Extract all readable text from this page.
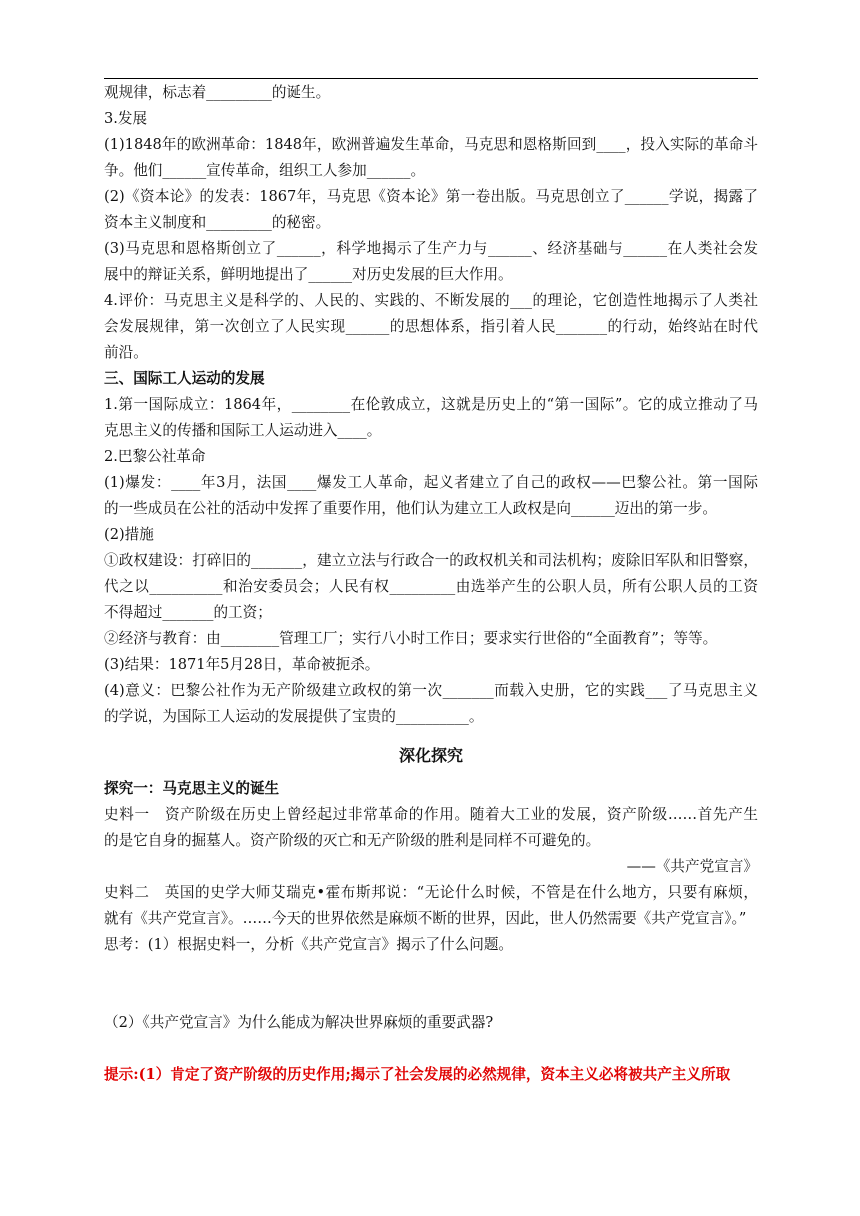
观规律，标志着_________的诞生。
3.发展
(1)1848年的欧洲革命：1848年，欧洲普遍发生革命，马克思和恩格斯回到____，投入实际的革命斗
争。他们______宣传革命，组织工人参加______。
(2)《资本论》的发表：1867年，马克思《资本论》第一卷出版。马克思创立了______学说，揭露了
资本主义制度和_________的秘密。
(3)马克思和恩格斯创立了______，科学地揭示了生产力与______、经济基础与______在人类社会发
展中的辩证关系，鲜明地提出了______对历史发展的巨大作用。
4.评价：马克思主义是科学的、人民的、实践的、不断发展的___的理论，它创造性地揭示了人类社
会发展规律，第一次创立了人民实现______的思想体系，指引着人民_______的行动，始终站在时代
前沿。
三、国际工人运动的发展
1.第一国际成立：1864年，________在伦敦成立，这就是历史上的“第一国际”。它的成立推动了马
克思主义的传播和国际工人运动进入____。
2.巴黎公社革命
(1)爆发：____年3月，法国____爆发工人革命，起义者建立了自己的政权——巴黎公社。第一国际
的一些成员在公社的活动中发挥了重要作用，他们认为建立工人政权是向______迈出的第一步。
(2)措施
①政权建设：打碎旧的_______，建立立法与行政合一的政权机关和司法机构；废除旧军队和旧警察，
代之以__________和治安委员会；人民有权_________由选举产生的公职人员，所有公职人员的工资
不得超过_______的工资；
②经济与教育：由________管理工厂；实行八小时工作日；要求实行世俗的“全面教育”；等等。
(3)结果：1871年5月28日，革命被扼杀。
(4)意义：巴黎公社作为无产阶级建立政权的第一次_______而载入史册，它的实践___了马克思主义
的学说，为国际工人运动的发展提供了宝贵的__________。
深化探究
探究一：马克思主义的诞生
史料一　资产阶级在历史上曾经起过非常革命的作用。随着大工业的发展，资产阶级……首先产生
的是它自身的掘墓人。资产阶级的灭亡和无产阶级的胜利是同样不可避免的。
——《共产党宣言》
史料二　英国的史学大师艾瑞克•霍布斯邦说：“无论什么时候，不管是在什么地方，只要有麻烦，
就有《共产党宣言》。……今天的世界依然是麻烦不断的世界，因此，世人仍然需要《共产党宣言》。”
思考：(1）根据史料一，分析《共产党宣言》揭示了什么问题。
（2）《共产党宣言》为什么能成为解决世界麻烦的重要武器?
提示:(1）肯定了资产阶级的历史作用;揭示了社会发展的必然规律，资本主义必将被共产主义所取
